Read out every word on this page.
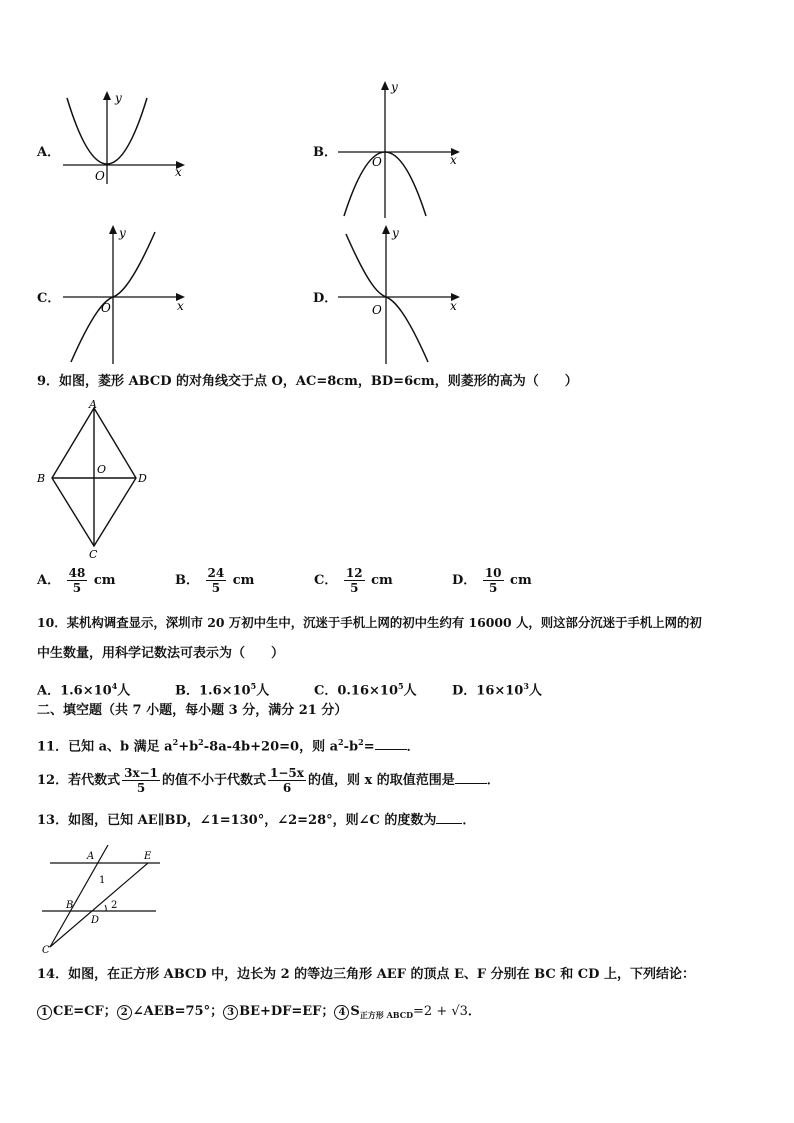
A．
x
y
O
B．	x
y
O
C．	x
y
O
D．	x
y
O
9．如图，菱形 ABCD 的对角线交于点 O，AC=8cm，BD=6cm，则菱形的高为（　　）
A
B	D
C
O
A． $\frac{48}{5}$ cm	B． $\frac{24}{5}$ cm	C． $\frac{12}{5}$ cm	D． $\frac{10}{5}$ cm
10．某机构调查显示，深圳市 20 万初中生中，沉迷于手机上网的初中生约有 16000 人，则这部分沉迷于手机上网的初
中生数量，用科学记数法可表示为（　　）
A．$1.6\times 10^4$人	B．$1.6\times 10^5$人	C．$0.16\times 10^5$人	D．$16\times 10^3$人
二、填空题（共 7 小题，每小题 3 分，满分 21 分）
11．已知 a、b 满足 $a^2+b^2-8a-4b+20=0$，则 $a^2-b^2=$ ．
12．若代数式 $\frac{3x-1}{5}$ 的值不小于代数式 $\frac{1-5x}{6}$ 的值，则 x 的取值范围是 ．
13．如图，已知 AE∥BD，∠1=130°，∠2=28°，则∠C 的度数为 ．
A	E
B
D
C
1
2
14．如图，在正方形 ABCD 中，边长为 2 的等边三角形 AEF 的顶点 E、F 分别在 BC 和 CD 上，下列结论：
1 CE=CF； 2 ∠AEB=75°； 3 BE+DF=EF； 4 $S_{正方形 ABCD}=2 + √3$．
